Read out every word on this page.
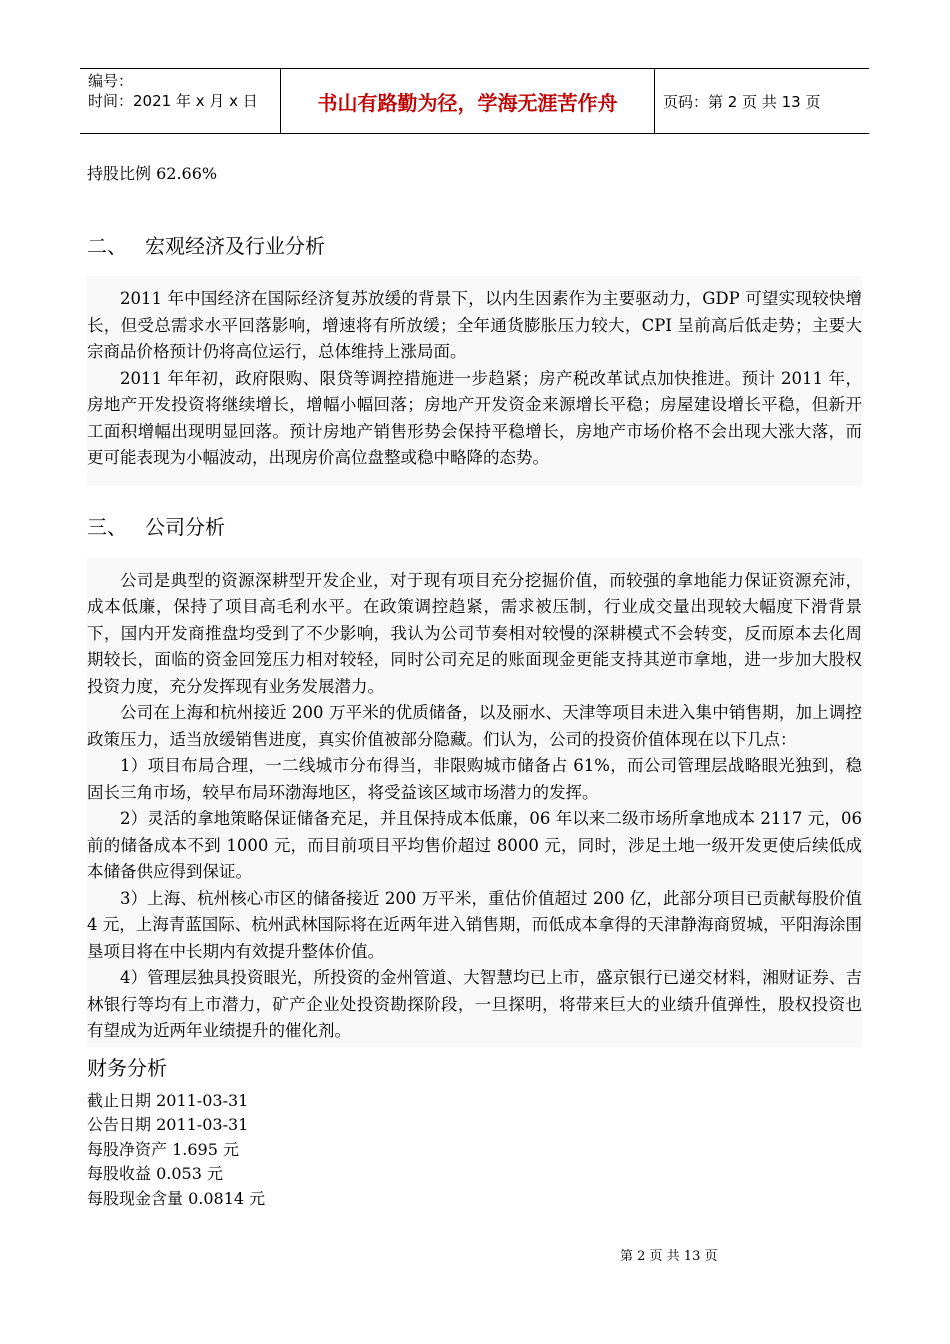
编号：
时间：2021 年 x 月 x 日	书山有路勤为径，学海无涯苦作舟	页码：第 2 页 共 13 页
持股比例 62.66%
二、 宏观经济及行业分析

2011 年中国经济在国际经济复苏放缓的背景下，以内生因素作为主要驱动力，GDP 可望实现较快增长，但受总需求水平回落影响，增速将有所放缓；全年通货膨胀压力较大，CPI 呈前高后低走势；主要大宗商品价格预计仍将高位运行，总体维持上涨局面。

2011 年年初，政府限购、限贷等调控措施进一步趋紧；房产税改革试点加快推进。预计 2011 年，房地产开发投资将继续增长，增幅小幅回落；房地产开发资金来源增长平稳；房屋建设增长平稳，但新开工面积增幅出现明显回落。预计房地产销售形势会保持平稳增长，房地产市场价格不会出现大涨大落，而更可能表现为小幅波动，出现房价高位盘整或稳中略降的态势。

三、 公司分析

公司是典型的资源深耕型开发企业，对于现有项目充分挖掘价值，而较强的拿地能力保证资源充沛，成本低廉，保持了项目高毛利水平。在政策调控趋紧，需求被压制，行业成交量出现较大幅度下滑背景下，国内开发商推盘均受到了不少影响，我认为公司节奏相对较慢的深耕模式不会转变，反而原本去化周期较长，面临的资金回笼压力相对较轻，同时公司充足的账面现金更能支持其逆市拿地，进一步加大股权投资力度，充分发挥现有业务发展潜力。

公司在上海和杭州接近 200 万平米的优质储备，以及丽水、天津等项目未进入集中销售期，加上调控政策压力，适当放缓销售进度，真实价值被部分隐藏。们认为，公司的投资价值体现在以下几点：

1）项目布局合理，一二线城市分布得当，非限购城市储备占 61%，而公司管理层战略眼光独到，稳固长三角市场，较早布局环渤海地区，将受益该区域市场潜力的发挥。

2）灵活的拿地策略保证储备充足，并且保持成本低廉，06 年以来二级市场所拿地成本 2117 元，06 前的储备成本不到 1000 元，而目前项目平均售价超过 8000 元，同时，涉足土地一级开发更使后续低成本储备供应得到保证。

3）上海、杭州核心市区的储备接近 200 万平米，重估价值超过 200 亿，此部分项目已贡献每股价值 4 元，上海青蓝国际、杭州武林国际将在近两年进入销售期，而低成本拿得的天津静海商贸城，平阳海涂围垦项目将在中长期内有效提升整体价值。

4）管理层独具投资眼光，所投资的金州管道、大智慧均已上市，盛京银行已递交材料，湘财证券、吉林银行等均有上市潜力，矿产企业处投资勘探阶段，一旦探明，将带来巨大的业绩升值弹性，股权投资也有望成为近两年业绩提升的催化剂。

财务分析
截止日期 2011-03-31
公告日期 2011-03-31
每股净资产 1.695 元
每股收益 0.053 元
每股现金含量 0.0814 元
第 2 页 共 13 页
